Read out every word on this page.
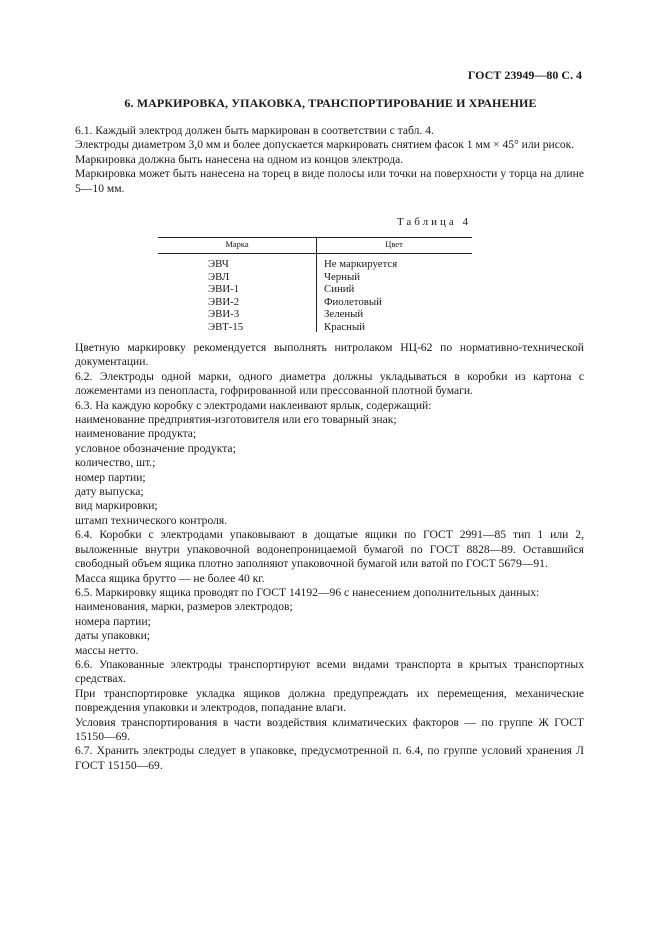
ГОСТ 23949—80 С. 4
6. МАРКИРОВКА, УПАКОВКА, ТРАНСПОРТИРОВАНИЕ И ХРАНЕНИЕ

6.1. Каждый электрод должен быть маркирован в соответствии с табл. 4.

Электроды диаметром 3,0 мм и более допускается маркировать снятием фасок 1 мм × 45° или рисок.

Маркировка должна быть нанесена на одном из концов электрода.

Маркировка может быть нанесена на торец в виде полосы или точки на поверхности у торца на длине 5—10 мм.

Таблица 4
Марка	Цвет
ЭВЧ
ЭВЛ
ЭВИ-1
ЭВИ-2
ЭВИ-3
ЭВТ-15
Не маркируется
Черный
Синий
Фиолетовый
Зеленый
Красный

Цветную маркировку рекомендуется выполнять нитролаком НЦ-62 по нормативно-технической документации.

6.2. Электроды одной марки, одного диаметра должны укладываться в коробки из картона с ложементами из пенопласта, гофрированной или прессованной плотной бумаги.

6.3. На каждую коробку с электродами наклеивают ярлык, содержащий:

наименование предприятия-изготовителя или его товарный знак;

наименование продукта;

условное обозначение продукта;

количество, шт.;

номер партии;

дату выпуска;

вид маркировки;

штамп технического контроля.

6.4. Коробки с электродами упаковывают в дощатые ящики по ГОСТ 2991—85 тип 1 или 2, выложенные внутри упаковочной водонепроницаемой бумагой по ГОСТ 8828—89. Оставшийся свободный объем ящика плотно заполняют упаковочной бумагой или ватой по ГОСТ 5679—91.

Масса ящика брутто — не более 40 кг.

6.5. Маркировку ящика проводят по ГОСТ 14192—96 с нанесением дополнительных данных:

наименования, марки, размеров электродов;

номера партии;

даты упаковки;

массы нетто.

6.6. Упакованные электроды транспортируют всеми видами транспорта в крытых транспортных средствах.

При транспортировке укладка ящиков должна предупреждать их перемещения, механические повреждения упаковки и электродов, попадание влаги.

Условия транспортирования в части воздействия климатических факторов — по группе Ж ГОСТ 15150—69.

6.7. Хранить электроды следует в упаковке, предусмотренной п. 6.4, по группе условий хранения Л ГОСТ 15150—69.
